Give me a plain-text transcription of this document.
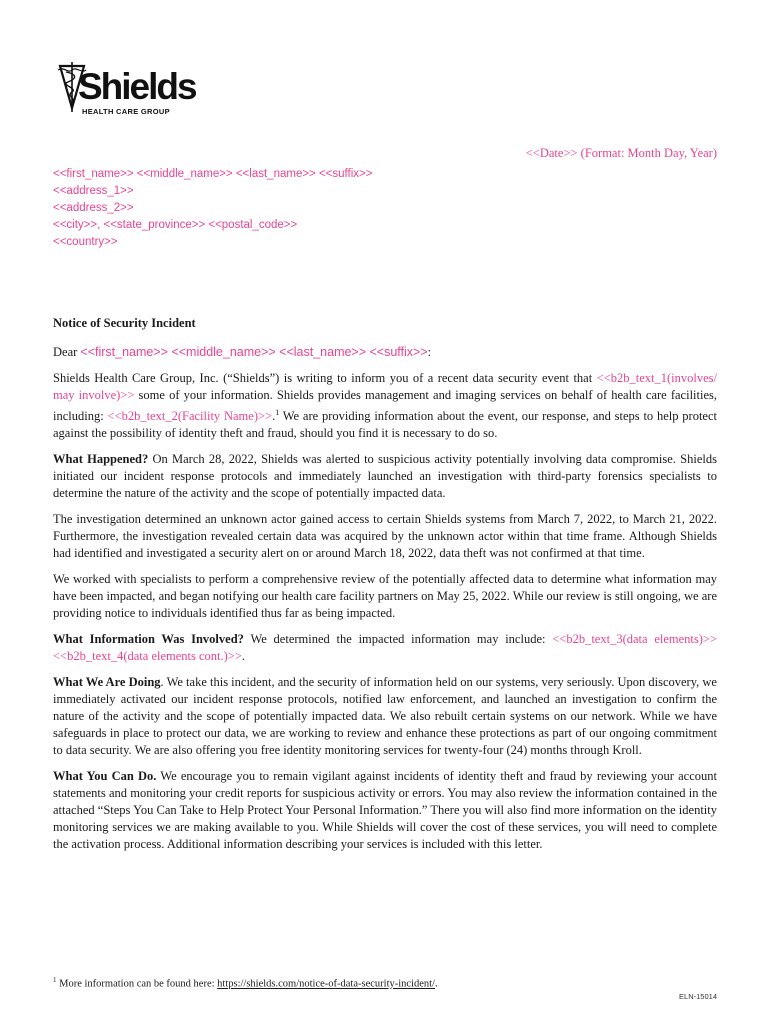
Shields
HEALTH CARE GROUP
<<Date>> (Format: Month Day, Year)
<<first_name>> <<middle_name>> <<last_name>> <<suffix>>
<<address_1>>
<<address_2>>
<<city>>, <<state_province>> <<postal_code>>
<<country>>
Notice of Security Incident
Dear <<first_name>> <<middle_name>> <<last_name>> <<suffix>>:

Shields Health Care Group, Inc. (“Shields”) is writing to inform you of a recent data security event that <<b2b_text_1(involves/ may involve)>> some of your information. Shields provides management and imaging services on behalf of health care facilities, including: <<b2b_text_2(Facility Name)>>.$^1$ We are providing information about the event, our response, and steps to help protect against the possibility of identity theft and fraud, should you find it is necessary to do so.

What Happened? On March 28, 2022, Shields was alerted to suspicious activity potentially involving data compromise. Shields initiated our incident response protocols and immediately launched an investigation with third-party forensics specialists to determine the nature of the activity and the scope of potentially impacted data.

The investigation determined an unknown actor gained access to certain Shields systems from March 7, 2022, to March 21, 2022. Furthermore, the investigation revealed certain data was acquired by the unknown actor within that time frame. Although Shields had identified and investigated a security alert on or around March 18, 2022, data theft was not confirmed at that time.

We worked with specialists to perform a comprehensive review of the potentially affected data to determine what information may have been impacted, and began notifying our health care facility partners on May 25, 2022. While our review is still ongoing, we are providing notice to individuals identified thus far as being impacted.

What Information Was Involved? We determined the impacted information may include: <<b2b_text_3(data elements)>> <<b2b_text_4(data elements cont.)>>.

What We Are Doing. We take this incident, and the security of information held on our systems, very seriously. Upon discovery, we immediately activated our incident response protocols, notified law enforcement, and launched an investigation to confirm the nature of the activity and the scope of potentially impacted data. We also rebuilt certain systems on our network. While we have safeguards in place to protect our data, we are working to review and enhance these protections as part of our ongoing commitment to data security. We are also offering you free identity monitoring services for twenty-four (24) months through Kroll.

What You Can Do. We encourage you to remain vigilant against incidents of identity theft and fraud by reviewing your account statements and monitoring your credit reports for suspicious activity or errors. You may also review the information contained in the attached “Steps You Can Take to Help Protect Your Personal Information.” There you will also find more information on the identity monitoring services we are making available to you. While Shields will cover the cost of these services, you will need to complete the activation process. Additional information describing your services is included with this letter.

$^1$ More information can be found here: https://shields.com/notice-of-data-security-incident/.
ELN-15014
